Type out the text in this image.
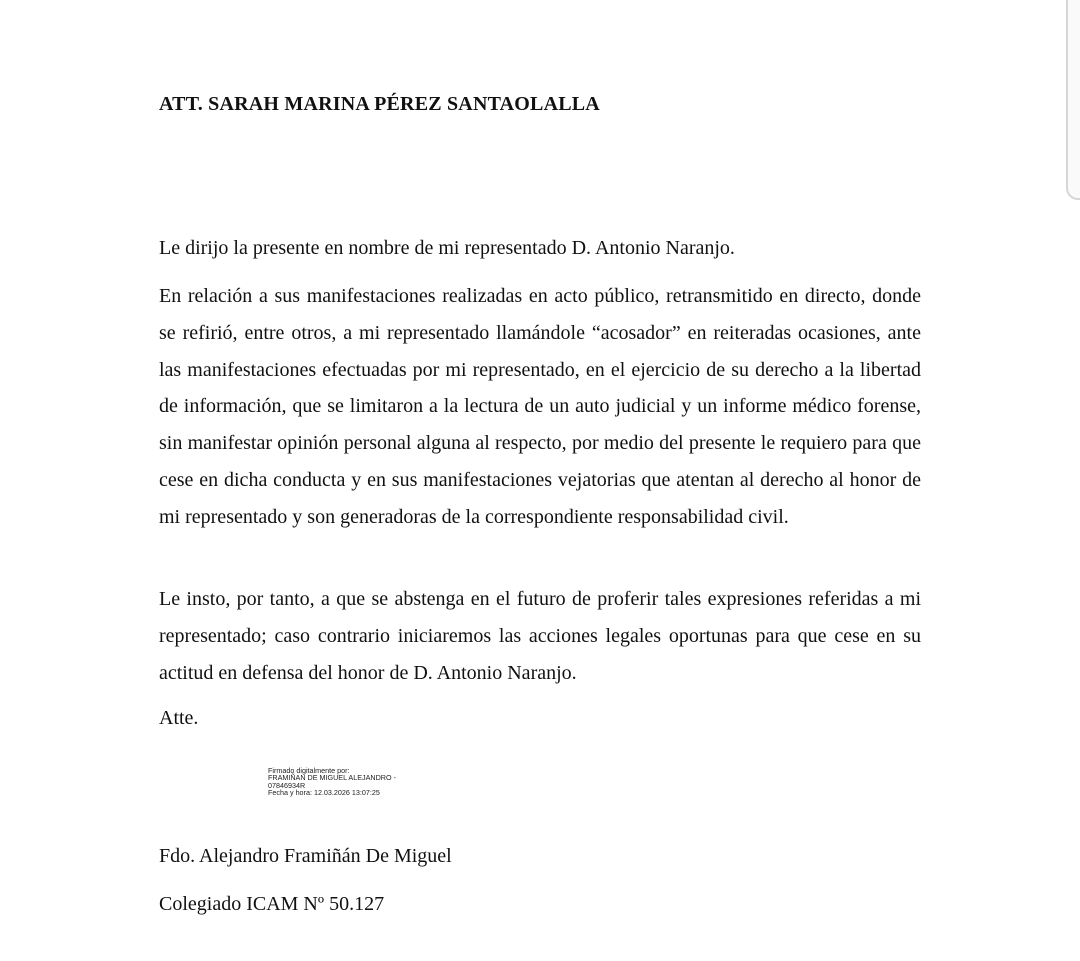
ATT. SARAH MARINA PÉREZ SANTAOLALLA

Le dirijo la presente en nombre de mi representado D. Antonio Naranjo.

En relación a sus manifestaciones realizadas en acto público, retransmitido en directo, donde se refirió, entre otros, a mi representado llamándole “acosador” en reiteradas ocasiones, ante las manifestaciones efectuadas por mi representado, en el ejercicio de su derecho a la libertad de información, que se limitaron a la lectura de un auto judicial y un informe médico forense, sin manifestar opinión personal alguna al respecto, por medio del presente le requiero para que cese en dicha conducta y en sus manifestaciones vejatorias que atentan al derecho al honor de mi representado y son generadoras de la correspondiente responsabilidad civil.

Le insto, por tanto, a que se abstenga en el futuro de proferir tales expresiones referidas a mi representado; caso contrario iniciaremos las acciones legales oportunas para que cese en su actitud en defensa del honor de D. Antonio Naranjo.

Atte.

Firmado digitalmente por:
FRAMIÑAN DE MIGUEL ALEJANDRO -
07846934R
Fecha y hora: 12.03.2026 13:07:25
Fdo. Alejandro Framiñán De Miguel
Colegiado ICAM Nº 50.127
